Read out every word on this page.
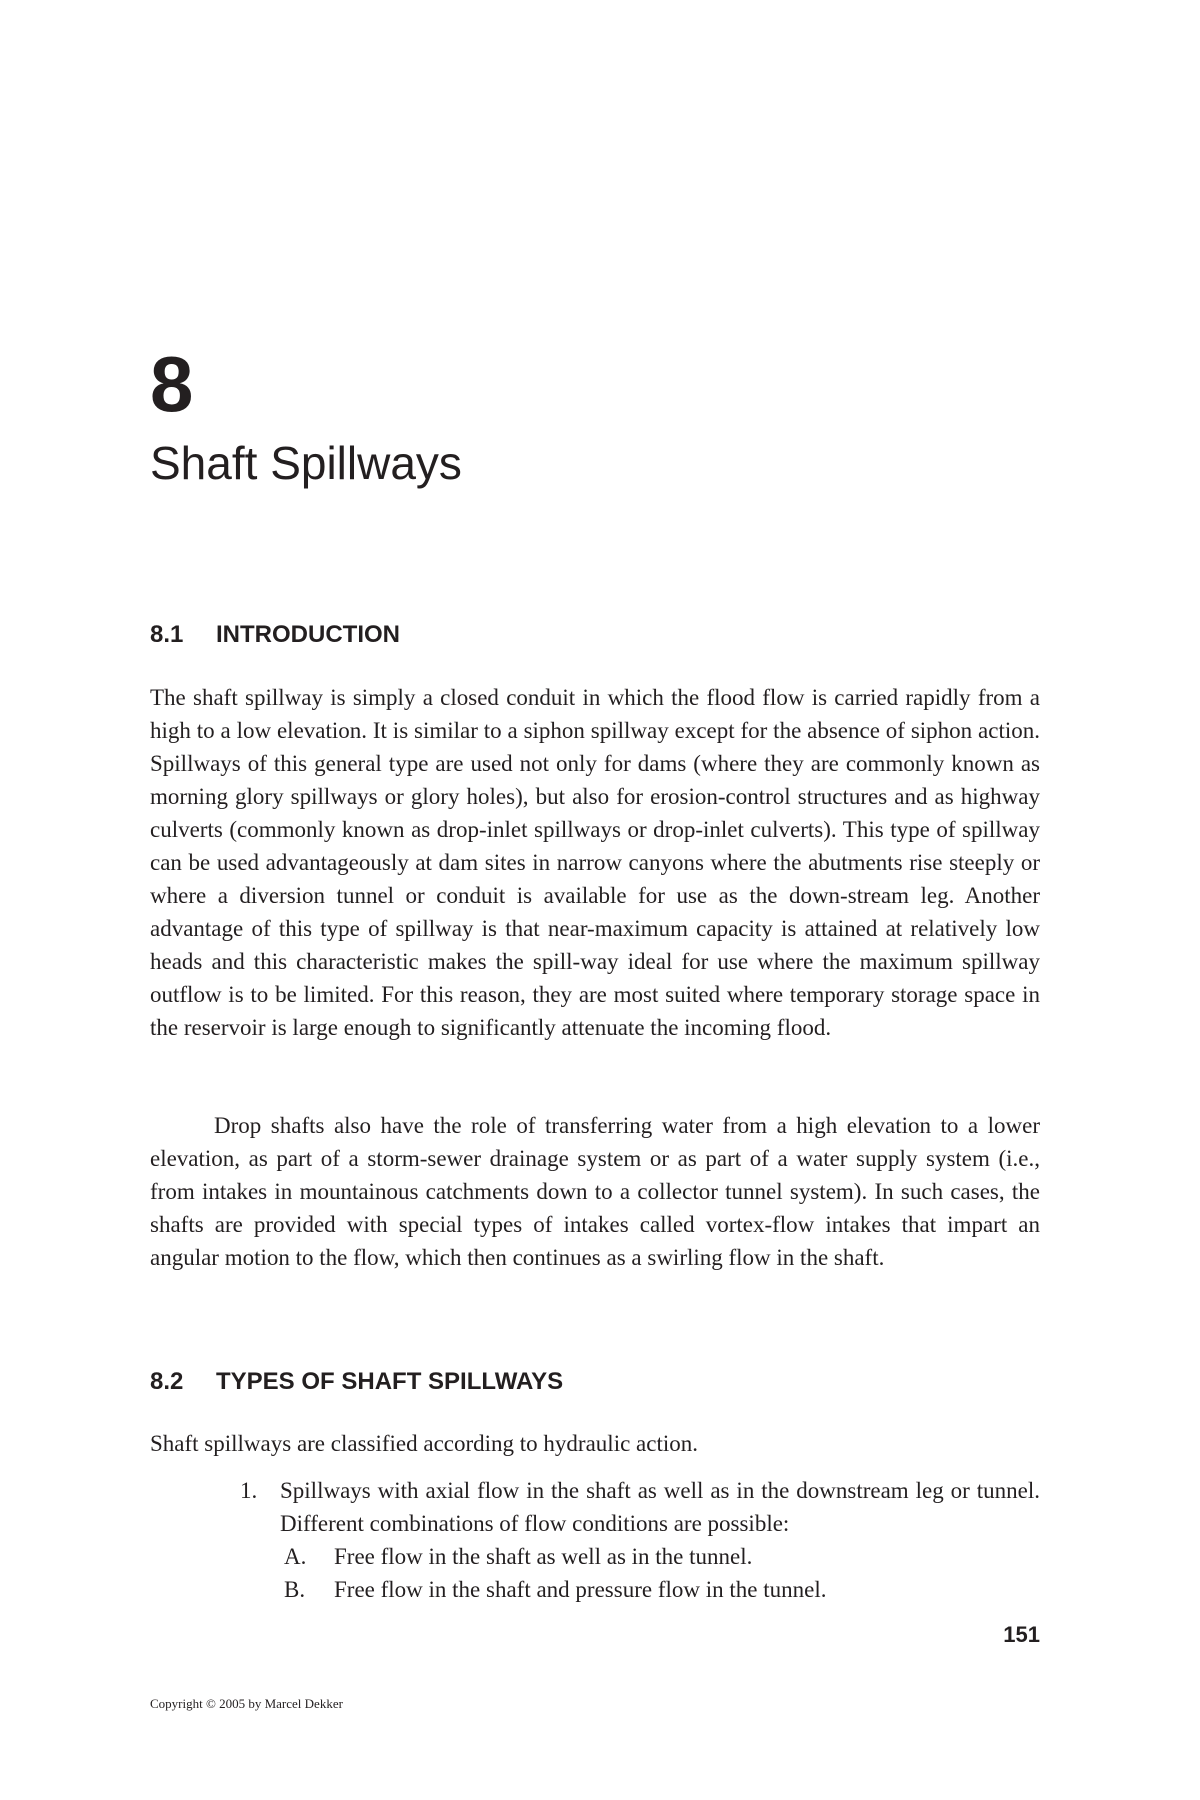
8
Shaft Spillways
8.1 INTRODUCTION

The shaft spillway is simply a closed conduit in which the flood flow is carried rapidly from a high to a low elevation. It is similar to a siphon spillway except for the absence of siphon action. Spillways of this general type are used not only for dams (where they are commonly known as morning glory spillways or glory holes), but also for erosion-control structures and as highway culverts (commonly known as drop-inlet spillways or drop-inlet culverts). This type of spillway can be used advantageously at dam sites in narrow canyons where the abutments rise steeply or where a diversion tunnel or conduit is available for use as the down-stream leg. Another advantage of this type of spillway is that near-maximum capacity is attained at relatively low heads and this characteristic makes the spill-way ideal for use where the maximum spillway outflow is to be limited. For this reason, they are most suited where temporary storage space in the reservoir is large enough to significantly attenuate the incoming flood.

Drop shafts also have the role of transferring water from a high elevation to a lower elevation, as part of a storm-sewer drainage system or as part of a water supply system (i.e., from intakes in mountainous catchments down to a collector tunnel system). In such cases, the shafts are provided with special types of intakes called vortex-flow intakes that impart an angular motion to the flow, which then continues as a swirling flow in the shaft.

8.2 TYPES OF SHAFT SPILLWAYS

Shaft spillways are classified according to hydraulic action.

1. Spillways with axial flow in the shaft as well as in the downstream leg or tunnel. Different combinations of flow conditions are possible:
A. Free flow in the shaft as well as in the tunnel.
B. Free flow in the shaft and pressure flow in the tunnel.

151

Copyright © 2005 by Marcel Dekker
